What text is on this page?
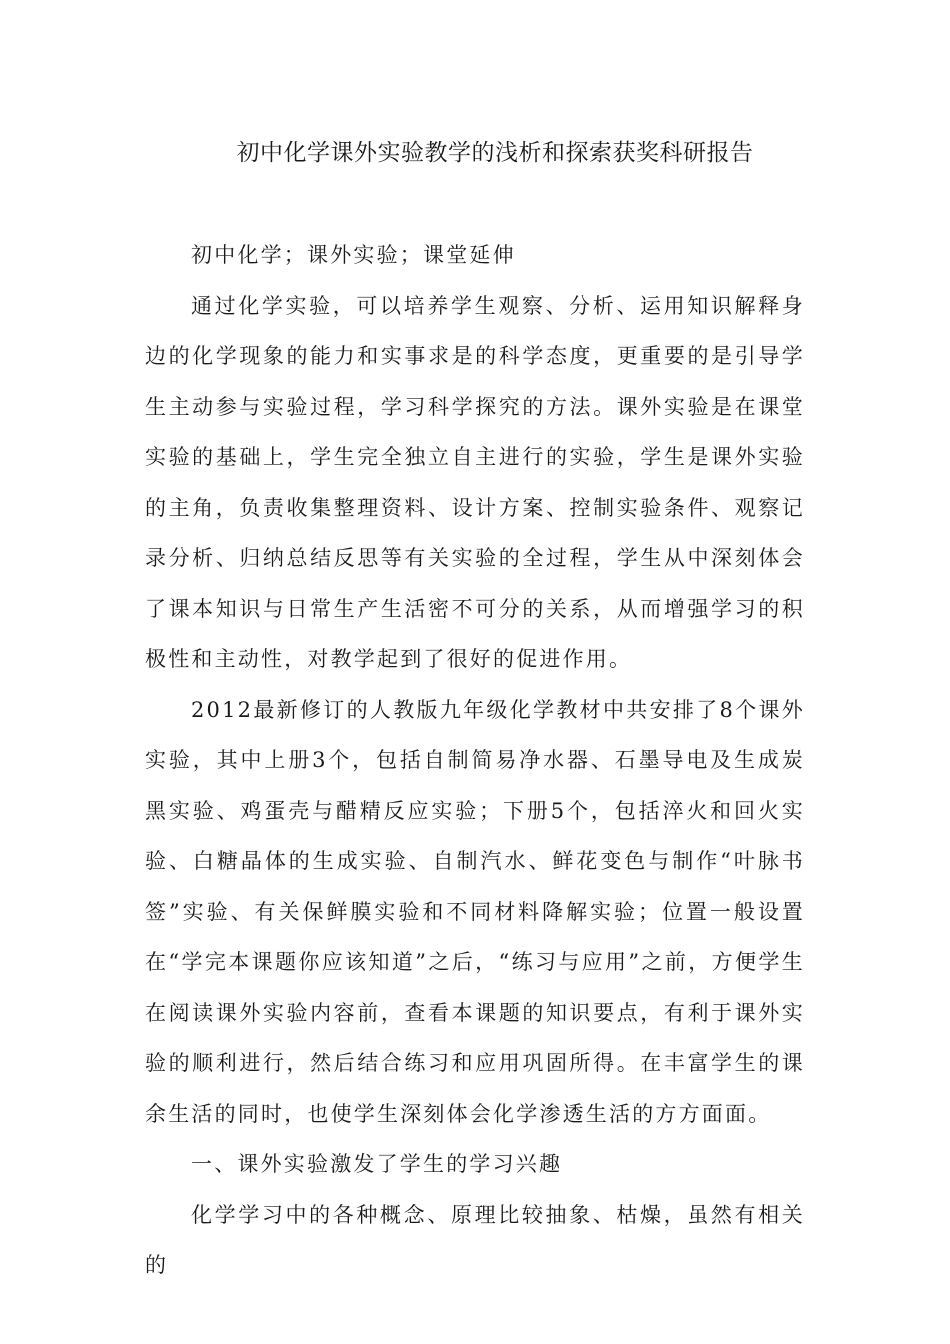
初中化学课外实验教学的浅析和探索获奖科研报告

初中化学；课外实验；课堂延伸

通过化学实验，可以培养学生观察、分析、运用知识解释身边的化学现象的能力和实事求是的科学态度，更重要的是引导学生主动参与实验过程，学习科学探究的方法。课外实验是在课堂实验的基础上，学生完全独立自主进行的实验，学生是课外实验的主角，负责收集整理资料、设计方案、控制实验条件、观察记录分析、归纳总结反思等有关实验的全过程，学生从中深刻体会了课本知识与日常生产生活密不可分的关系，从而增强学习的积极性和主动性，对教学起到了很好的促进作用。

2012最新修订的人教版九年级化学教材中共安排了8个课外实验，其中上册3个，包括自制简易净水器、石墨导电及生成炭黑实验、鸡蛋壳与醋精反应实验；下册5个，包括淬火和回火实验、白糖晶体的生成实验、自制汽水、鲜花变色与制作“叶脉书签”实验、有关保鲜膜实验和不同材料降解实验；位置一般设置在“学完本课题你应该知道”之后，“练习与应用”之前，方便学生在阅读课外实验内容前，查看本课题的知识要点，有利于课外实验的顺利进行，然后结合练习和应用巩固所得。在丰富学生的课余生活的同时，也使学生深刻体会化学渗透生活的方方面面。

一、课外实验激发了学生的学习兴趣

化学学习中的各种概念、原理比较抽象、枯燥，虽然有相关的
